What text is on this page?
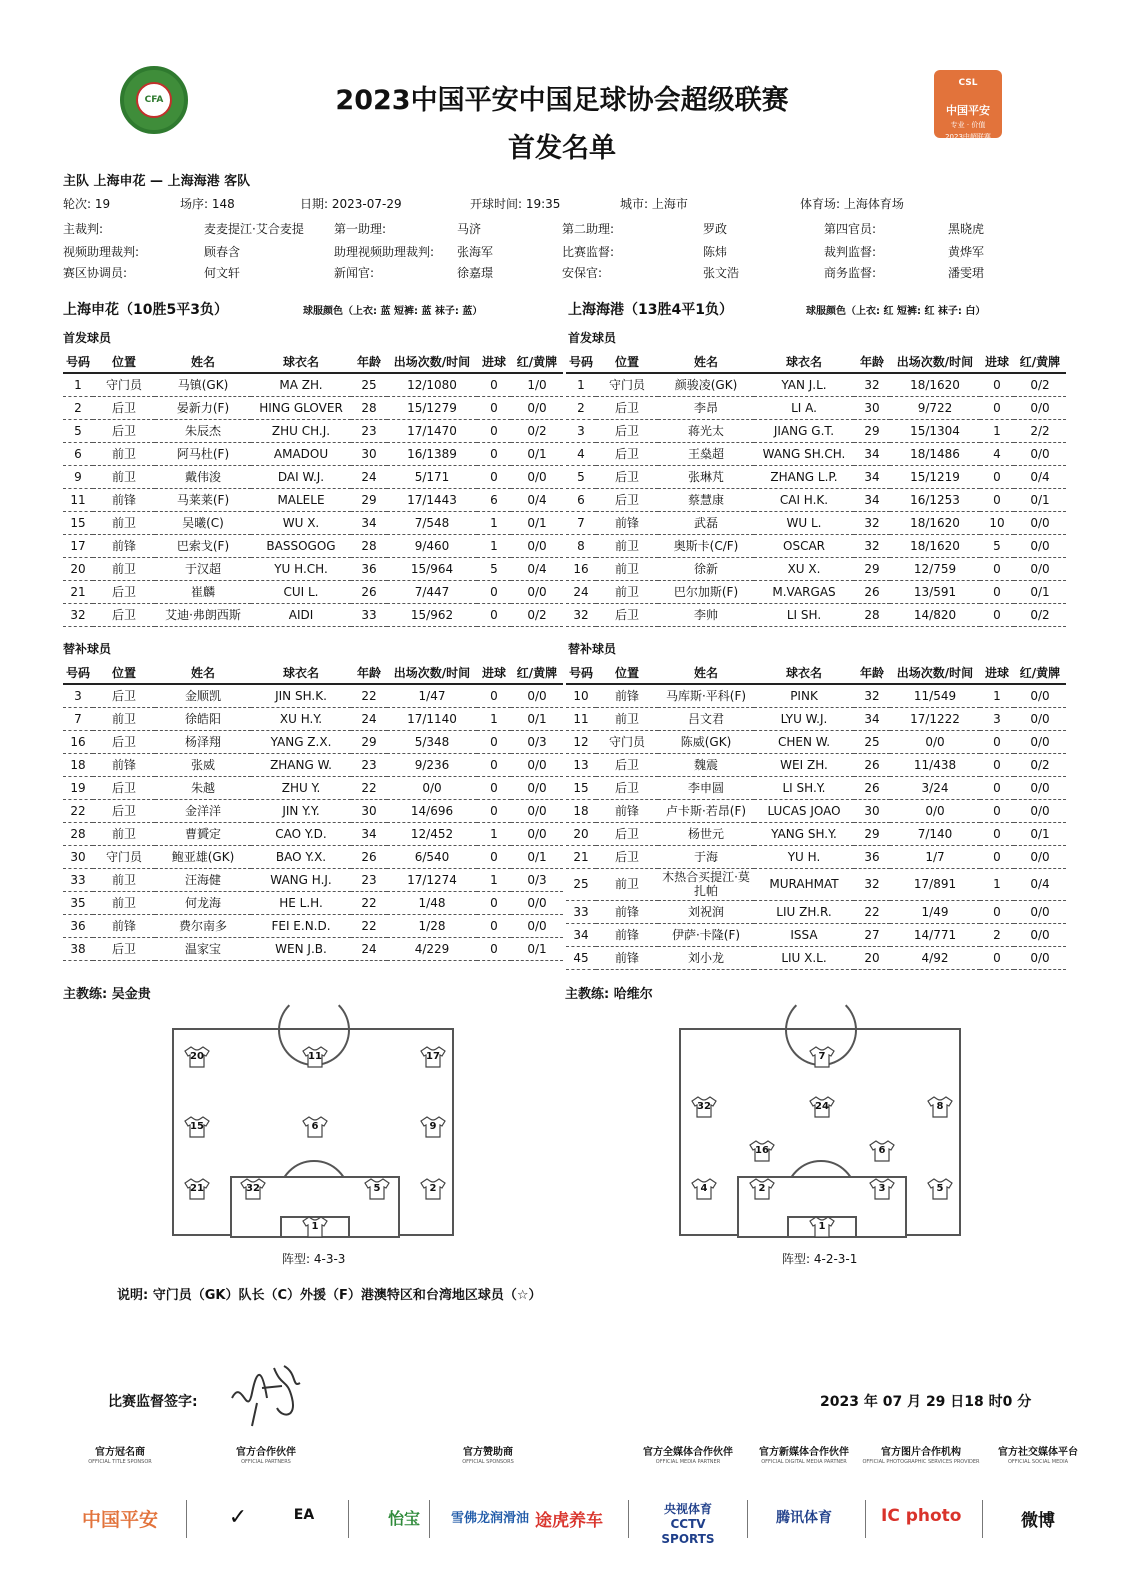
CFA	2023中国平安中国足球协会超级联赛
首发名单
CSL
中国平安
专业 · 价值
2023中超联赛
主队 上海申花 — 上海海港 客队
轮次: 19	场序: 148	日期: 2023-07-29	开球时间: 19:35	城市: 上海市	体育场: 上海体育场
主裁判:	麦麦提江·艾合麦提	第一助理:	马济	第二助理:	罗政	第四官员:	黑晓虎
视频助理裁判:	顾春含	助理视频助理裁判: 张海军	比赛监督:	陈炜	裁判监督:	黄烨军
赛区协调员:	何文轩	新闻官:	徐嘉璟	安保官:	张文浩	商务监督:	潘雯珺
上海申花（10胜5平3负）	球服颜色（上衣: 蓝 短裤: 蓝 袜子: 蓝）	上海海港（13胜4平1负）	球服颜色（上衣: 红 短裤: 红 袜子: 白）
首发球员	首发球员
替补球员	替补球员
号码	位置	姓名	球衣名	年龄	出场次数/时间	进球	红/黄牌
1	守门员	马镇(GK)	MA ZH.	25	12/1080	0	1/0
2	后卫	晏新力(F)	HING GLOVER	28	15/1279	0	0/0
5	后卫	朱辰杰	ZHU CH.J.	23	17/1470	0	0/2
6	前卫	阿马杜(F)	AMADOU	30	16/1389	0	0/1
9	前卫	戴伟浚	DAI W.J.	24	5/171	0	0/0
11	前锋	马莱莱(F)	MALELE	29	17/1443	6	0/4
15	前卫	吴曦(C)	WU X.	34	7/548	1	0/1
17	前锋	巴索戈(F)	BASSOGOG	28	9/460	1	0/0
20	前卫	于汉超	YU H.CH.	36	15/964	5	0/4
21	后卫	崔麟	CUI L.	26	7/447	0	0/0
32	后卫	艾迪·弗朗西斯	AIDI	33	15/962	0	0/2
号码	位置	姓名	球衣名	年龄	出场次数/时间	进球	红/黄牌
1	守门员	颜骏凌(GK)	YAN J.L.	32	18/1620	0	0/2
2	后卫	李昂	LI A.	30	9/722	0	0/0
3	后卫	蒋光太	JIANG G.T.	29	15/1304	1	2/2
4	后卫	王燊超	WANG SH.CH.	34	18/1486	4	0/0
5	后卫	张琳芃	ZHANG L.P.	34	15/1219	0	0/4
6	后卫	蔡慧康	CAI H.K.	34	16/1253	0	0/1
7	前锋	武磊	WU L.	32	18/1620	10	0/0
8	前卫	奥斯卡(C/F)	OSCAR	32	18/1620	5	0/0
16	前卫	徐新	XU X.	29	12/759	0	0/0
24	前卫	巴尔加斯(F)	M.VARGAS	26	13/591	0	0/1
32	后卫	李帅	LI SH.	28	14/820	0	0/2
号码	位置	姓名	球衣名	年龄	出场次数/时间	进球	红/黄牌
3	后卫	金顺凯	JIN SH.K.	22	1/47	0	0/0
7	前卫	徐皓阳	XU H.Y.	24	17/1140	1	0/1
16	后卫	杨泽翔	YANG Z.X.	29	5/348	0	0/3
18	前锋	张威	ZHANG W.	23	9/236	0	0/0
19	后卫	朱越	ZHU Y.	22	0/0	0	0/0
22	后卫	金洋洋	JIN Y.Y.	30	14/696	0	0/0
28	前卫	曹贇定	CAO Y.D.	34	12/452	1	0/0
30	守门员	鲍亚雄(GK)	BAO Y.X.	26	6/540	0	0/1
33	前卫	汪海健	WANG H.J.	23	17/1274	1	0/3
35	前卫	何龙海	HE L.H.	22	1/48	0	0/0
36	前锋	费尔南多	FEI E.N.D.	22	1/28	0	0/0
38	后卫	温家宝	WEN J.B.	24	4/229	0	0/1
号码	位置	姓名	球衣名	年龄	出场次数/时间	进球	红/黄牌
10	前锋	马库斯·平科(F)	PINK	32	11/549	1	0/0
11	前卫	吕文君	LYU W.J.	34	17/1222	3	0/0
12	守门员	陈威(GK)	CHEN W.	25	0/0	0	0/0
13	后卫	魏震	WEI ZH.	26	11/438	0	0/2
15	后卫	李申圆	LI SH.Y.	26	3/24	0	0/0
18	前锋	卢卡斯·若昂(F)	LUCAS JOAO	30	0/0	0	0/0
20	后卫	杨世元	YANG SH.Y.	29	7/140	0	0/1
21	后卫	于海	YU H.	36	1/7	0	0/0
25	前卫	木热合买提江·莫扎帕	MURAHMAT	32	17/891	1	0/4
33	前锋	刘祝润	LIU ZH.R.	22	1/49	0	0/0
34	前锋	伊萨·卡隆(F)	ISSA	27	14/771	2	0/0
45	前锋	刘小龙	LIU X.L.	20	4/92	0	0/0
主教练: 吴金贵	主教练: 哈维尔
20	11	17
15	6	9
21	32	5	2
1
阵型: 4-3-3
7
32	24	8
16	6
4	2	3	5
1
阵型: 4-2-3-1
说明: 守门员（GK）队长（C）外援（F）港澳特区和台湾地区球员（☆）
比赛监督签字:	2023 年 07 月 29 日18 时0 分
官方冠名商
OFFICIAL TITLE SPONSOR
官方合作伙伴
OFFICIAL PARTNERS
官方赞助商
OFFICIAL SPONSORS
官方全媒体合作伙伴
OFFICIAL MEDIA PARTNER
官方新媒体合作伙伴
OFFICIAL DIGITAL MEDIA PARTNER
官方图片合作机构
OFFICIAL PHOTOGRAPHIC SERVICES PROVIDER
官方社交媒体平台
OFFICIAL SOCIAL MEDIA
中国平安	✓	EA	怡宝	雪佛龙润滑油 途虎养车
央视体育 CCTV SPORTS
腾讯体育	IC photo	微博
